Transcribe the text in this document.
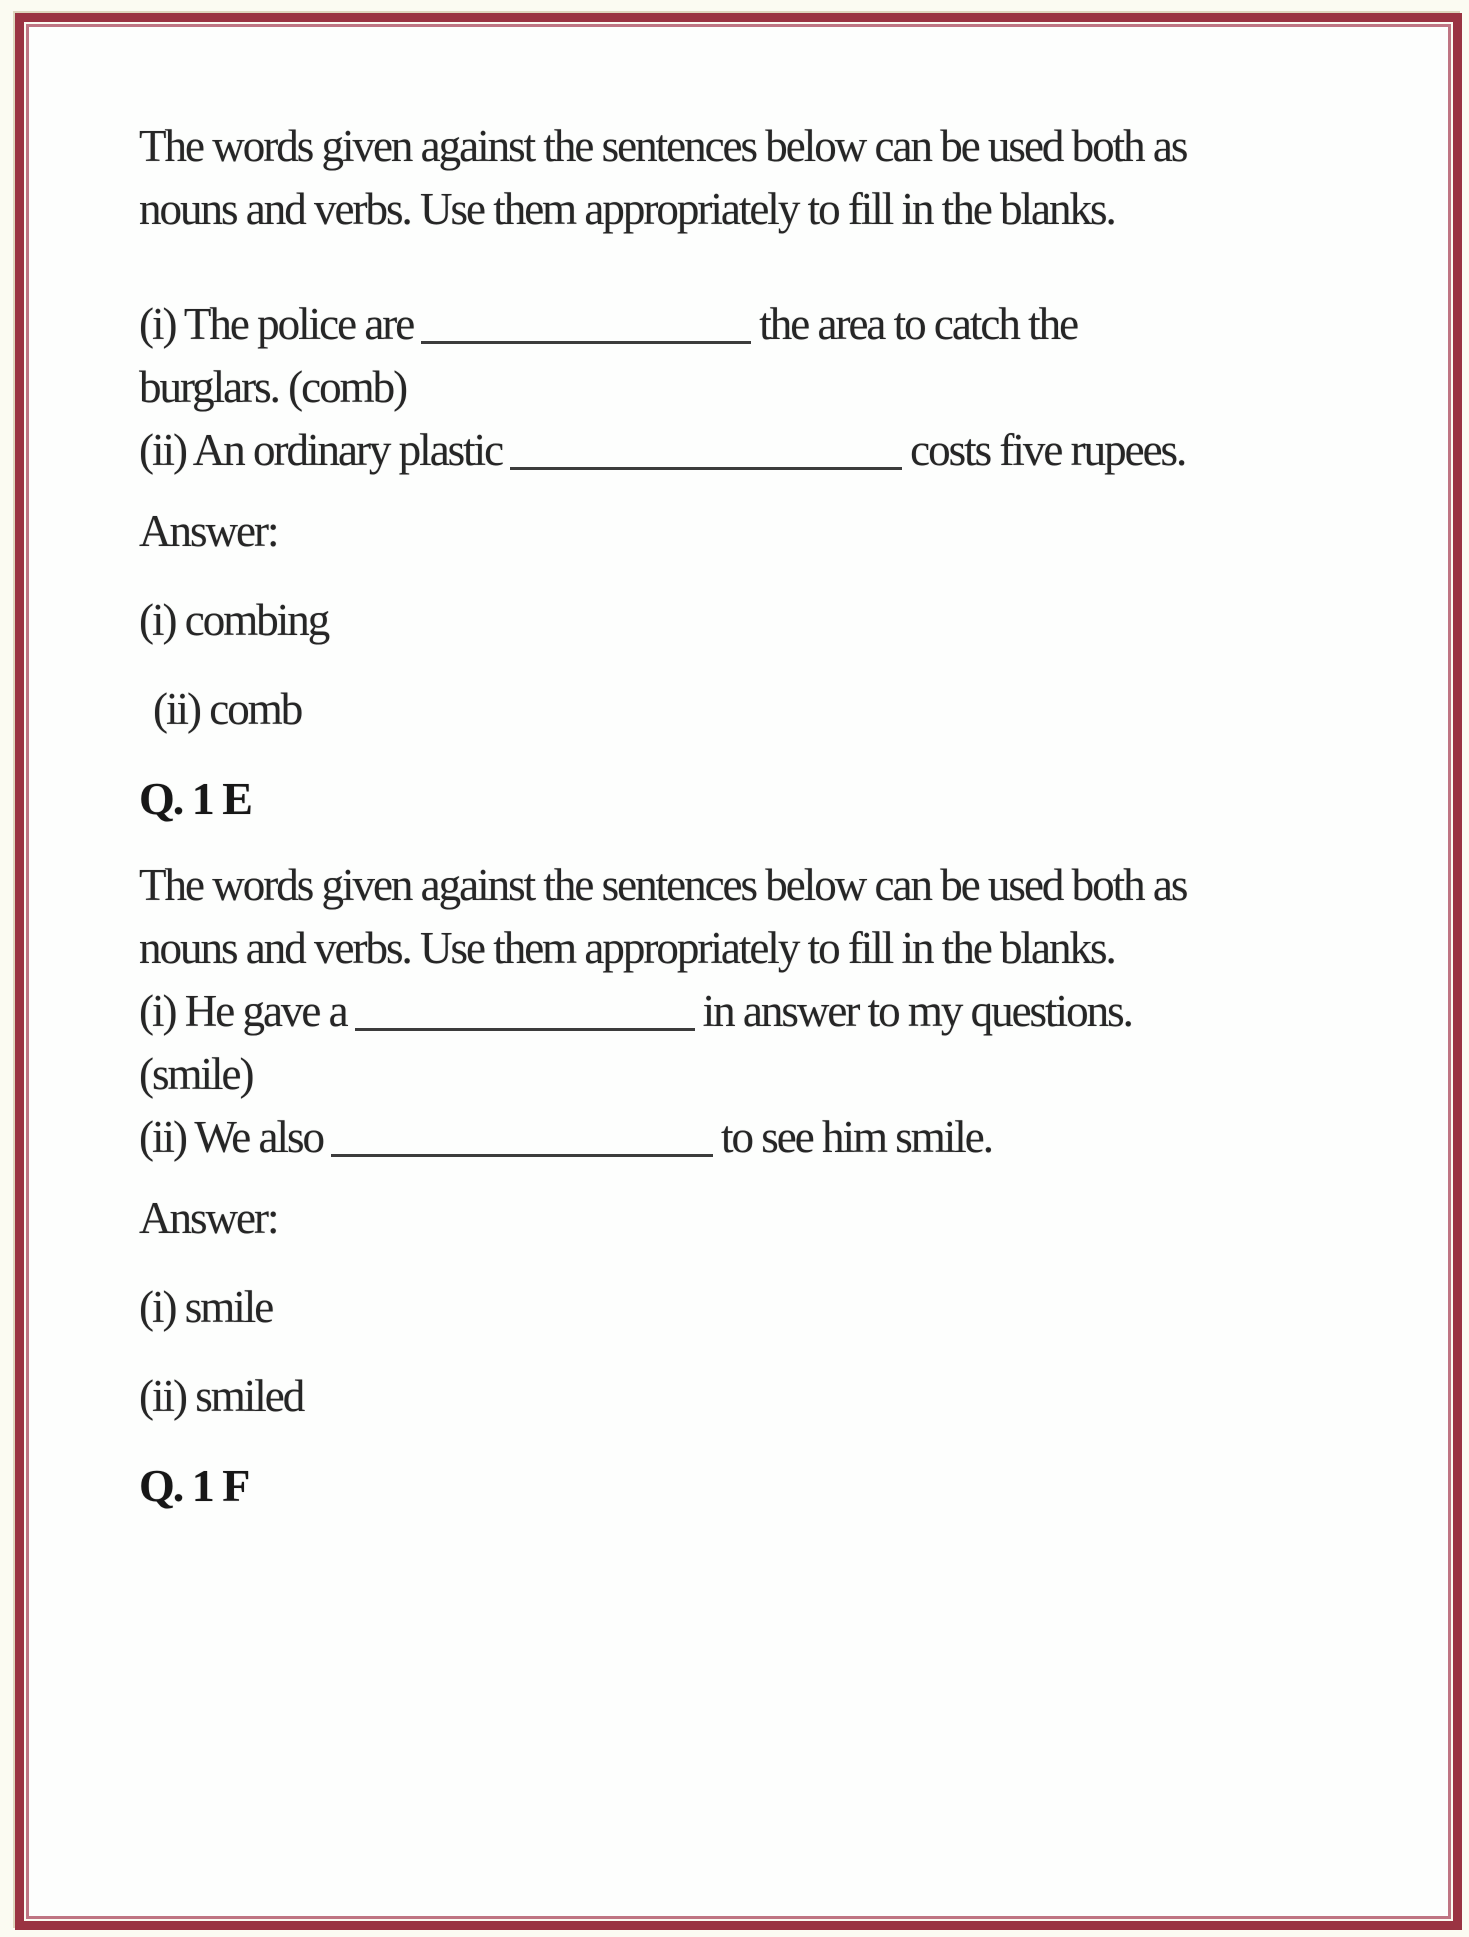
The words given against the sentences below can be used both as nouns and verbs. Use them appropriately to fill in the blanks.

(i) The police are	the area to catch the burglars. (comb)

(ii) An ordinary plastic	costs five rupees.

Answer:

(i) combing

(ii) comb

Q. 1 E

The words given against the sentences below can be used both as nouns and verbs. Use them appropriately to fill in the blanks.

(i) He gave a	in answer to my questions. (smile)

(ii) We also	to see him smile.

Answer:

(i) smile

(ii) smiled

Q. 1 F
